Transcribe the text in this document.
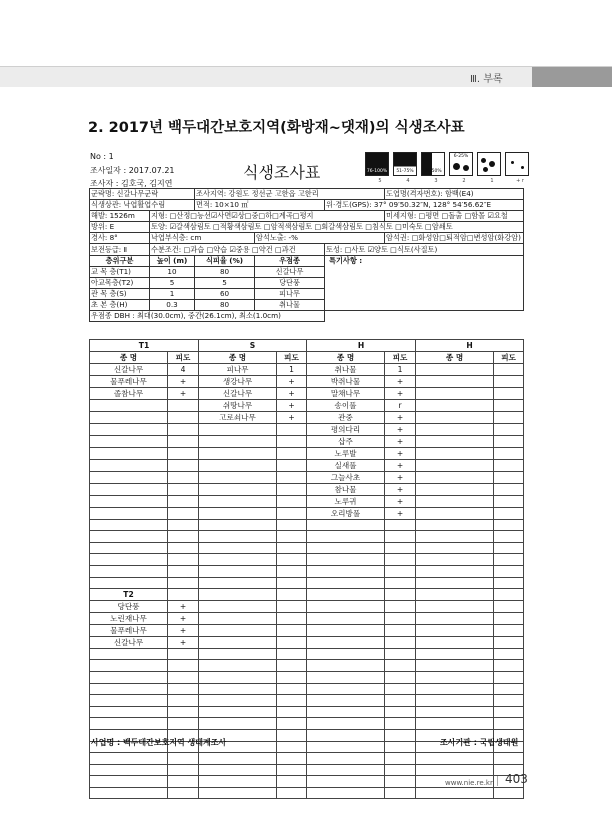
Ⅲ. 부록
2. 2017년 백두대간보호지역(화방재~댓재)의 식생조사표
No : 1
조사일자 : 2017.07.21
조사자 : 김호국, 김지연
식생조사표	76-100%	51-75%	26-50%
6-25%
5	4	3	2	1	+ r
군락명: 신갈나무군락		조사지역: 강원도 정선군 고한읍 고한리			도엽명(격자번호): 함백(E4)
식생상관: 낙엽활엽수림		면적: 10×10 ㎡		위·경도(GPS): 37° 09′50.32″N, 128° 54′56.62″E	
해발: 1526m	지형: □산정□능선☑사면☑상□중□하□계곡□평지				미세지형: □평면 □돌출 □함몰 ☑요철
방위: E	토양: ☑갈색삼림토 □적황색삼림토 □암적색삼림토 □회갈색삼림토 □침식토 □미숙토 □암쇄토				
경사: 8°	낙엽부식층: cm		암석노출: -%		암석권: □화성암□퇴적암□변성암(화강암)
보전등급: Ⅱ	수분조건: □과습 □약습 ☑중용 □약건 □과건			토성: □사토 ☑양토 □식토(사질토)	
층위구분	높이 (m)	식피율 (%)	우점종	특기사항 :	
교 목 층(T1)	10	80	신갈나무		
아교목층(T2)	5	5	당단풍		
관 목 층(S)	1	60	피나무		
초 본 층(H)	0.3	80	취나물		
우점종 DBH : 최대(30.0cm), 중간(26.1cm), 최소(1.0cm)					
T1		S		H		H	
종 명	피도	종 명	피도	종 명	피도	종 명	피도
신갈나무	4	피나무	1	취나물	1		
물푸레나무	+	생강나무	+	박쥐나물	+		
졸참나무	+	신갈나무	+	말채나무	+		
		쉬땅나무	+	송이풀	r		
		고로쇠나무	+	관중	+		
				평의다리	+		
				삽주	+		
				노루발	+		
				실새풀	+		
				그늘사초	+		
				참나물	+		
				노루귀	+		
				오리방풀	+		

T2							
당단풍	+						
노린재나무	+						
물푸레나무	+						
신갈나무	+						

사업명 : 백두대간보호지역 생태계조사	조사기관 : 국립생태원
www.nie.re.kr 403
